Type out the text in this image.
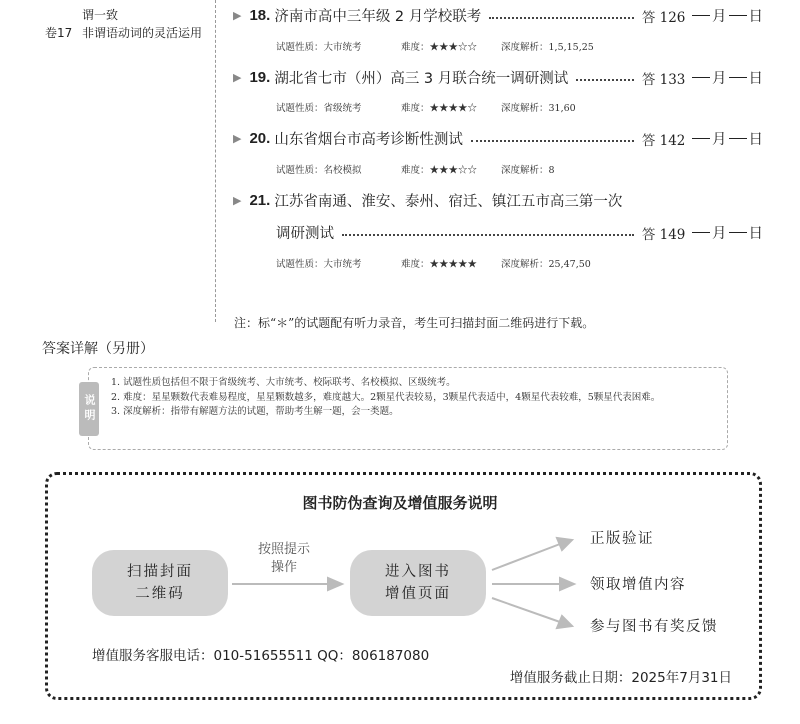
谓一致
卷17 非谓语动词的灵活运用
▶ 18. 济南市高中三年级 2 月学校联考	答 126
月 日
试题性质：大市统考	难度：★★★☆☆	深度解析：1,5,15,25
▶ 19. 湖北省七市（州）高三 3 月联合统一调研测试	答 133
月 日
试题性质：省级统考	难度：★★★★☆	深度解析：31,60
▶ 20. 山东省烟台市高考诊断性测试	答 142
月 日
试题性质：名校模拟	难度：★★★☆☆	深度解析：8
▶ 21. 江苏省南通、淮安、泰州、宿迁、镇江五市高三第一次
调研测试	答 149
月 日
试题性质：大市统考	难度：★★★★★	深度解析：25,47,50
注：标“＊”的试题配有听力录音，考生可扫描封面二维码进行下载。
答案详解（另册）
说明
1. 试题性质包括但不限于省级统考、大市统考、校际联考、名校模拟、区级统考。
2. 难度：星星颗数代表难易程度，星星颗数越多，难度越大。2颗星代表较易，3颗星代表适中，4颗星代表较难，5颗星代表困难。
3. 深度解析：指带有解题方法的试题，帮助考生解一题，会一类题。
图书防伪查询及增值服务说明
扫描封面
二维码
按照提示
操作	进入图书
增值页面
正版验证
领取增值内容
参与图书有奖反馈
增值服务客服电话：010-51655511 QQ：806187080
增值服务截止日期：2025年7月31日
